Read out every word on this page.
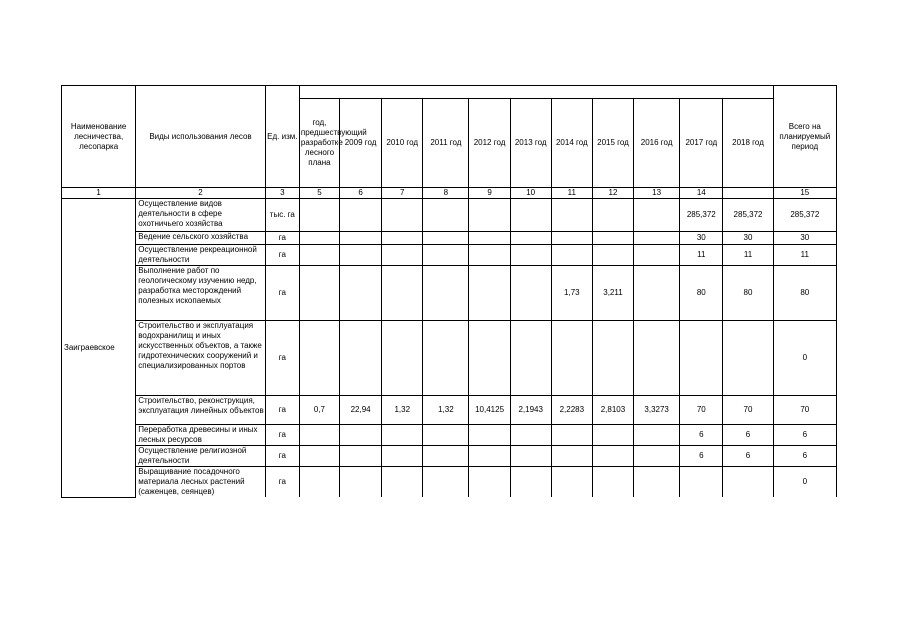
Наименование лесничества, лесопарка	Виды использования лесов	Ед. изм.												Всего на планируемый период
			год, предшествующий разработке лесного плана	2009 год	2010 год	2011 год	2012 год	2013 год	2014 год	2015 год	2016 год	2017 год	2018 год	
1	2	3	5	6	7	8	9	10	11	12	13	14		15
Заиграевское	Осуществление видов деятельности в сфере охотничьего хозяйства	тыс. га										285,372	285,372	285,372
	Ведение сельского хозяйства	га										30	30	30
	Осуществление рекреационной деятельности	га										11	11	11
	Выполнение работ по геологическому изучению недр, разработка месторождений полезных ископаемых	га							1,73	3,211		80	80	80
	Строительство и эксплуатация водохранилищ и иных искусственных объектов, а также гидротехнических сооружений и специализированных портов	га												0
	Строительство, реконструкция, эксплуатация линейных объектов	га	0,7	22,94	1,32	1,32	10,4125	2,1943	2,2283	2,8103	3,3273	70	70	70
	Переработка древесины и иных лесных ресурсов	га										6	6	6
	Осуществление религиозной деятельности	га										6	6	6
	Выращивание посадочного материала лесных растений (саженцев, сеянцев)	га												0
